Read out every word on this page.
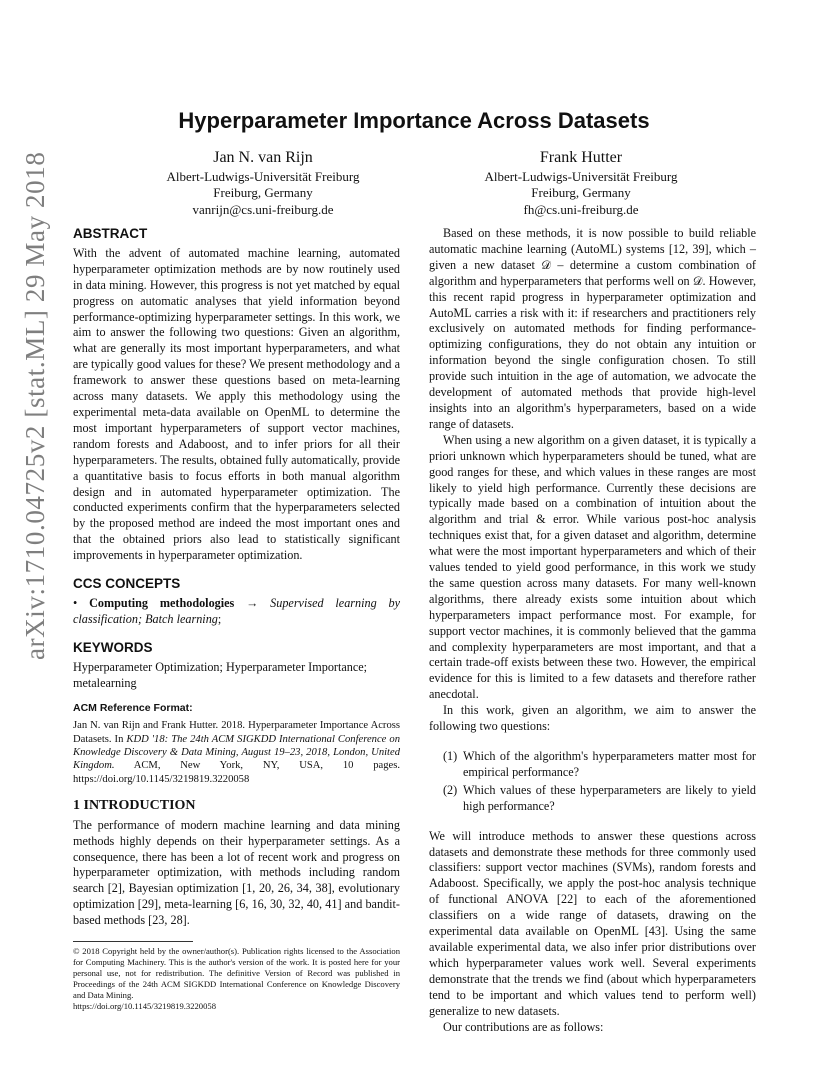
arXiv:1710.04725v2 [stat.ML] 29 May 2018
Hyperparameter Importance Across Datasets
Jan N. van Rijn
Albert-Ludwigs-Universität Freiburg
Freiburg, Germany
vanrijn@cs.uni-freiburg.de
Frank Hutter
Albert-Ludwigs-Universität Freiburg
Freiburg, Germany
fh@cs.uni-freiburg.de
ABSTRACT

With the advent of automated machine learning, automated hyperparameter optimization methods are by now routinely used in data mining. However, this progress is not yet matched by equal progress on automatic analyses that yield information beyond performance-optimizing hyperparameter settings. In this work, we aim to answer the following two questions: Given an algorithm, what are generally its most important hyperparameters, and what are typically good values for these? We present methodology and a framework to answer these questions based on meta-learning across many datasets. We apply this methodology using the experimental meta-data available on OpenML to determine the most important hyperparameters of support vector machines, random forests and Adaboost, and to infer priors for all their hyperparameters. The results, obtained fully automatically, provide a quantitative basis to focus efforts in both manual algorithm design and in automated hyperparameter optimization. The conducted experiments confirm that the hyperparameters selected by the proposed method are indeed the most important ones and that the obtained priors also lead to statistically significant improvements in hyperparameter optimization.

CCS CONCEPTS

• Computing methodologies → Supervised learning by classification; Batch learning;

KEYWORDS

Hyperparameter Optimization; Hyperparameter Importance; metalearning

ACM Reference Format:

Jan N. van Rijn and Frank Hutter. 2018. Hyperparameter Importance Across Datasets. In KDD '18: The 24th ACM SIGKDD International Conference on Knowledge Discovery & Data Mining, August 19–23, 2018, London, United Kingdom. ACM, New York, NY, USA, 10 pages. https://doi.org/10.1145/3219819.3220058

1 INTRODUCTION

The performance of modern machine learning and data mining methods highly depends on their hyperparameter settings. As a consequence, there has been a lot of recent work and progress on hyperparameter optimization, with methods including random search [2], Bayesian optimization [1, 20, 26, 34, 38], evolutionary optimization [29], meta-learning [6, 16, 30, 32, 40, 41] and bandit-based methods [23, 28].

© 2018 Copyright held by the owner/author(s). Publication rights licensed to the Association for Computing Machinery. This is the author's version of the work. It is posted here for your personal use, not for redistribution. The definitive Version of Record was published in Proceedings of the 24th ACM SIGKDD International Conference on Knowledge Discovery and Data Mining.

https://doi.org/10.1145/3219819.3220058

Based on these methods, it is now possible to build reliable automatic machine learning (AutoML) systems [12, 39], which – given a new dataset 𝒟 – determine a custom combination of algorithm and hyperparameters that performs well on 𝒟. However, this recent rapid progress in hyperparameter optimization and AutoML carries a risk with it: if researchers and practitioners rely exclusively on automated methods for finding performance-optimizing configurations, they do not obtain any intuition or information beyond the single configuration chosen. To still provide such intuition in the age of automation, we advocate the development of automated methods that provide high-level insights into an algorithm's hyperparameters, based on a wide range of datasets.

When using a new algorithm on a given dataset, it is typically a priori unknown which hyperparameters should be tuned, what are good ranges for these, and which values in these ranges are most likely to yield high performance. Currently these decisions are typically made based on a combination of intuition about the algorithm and trial & error. While various post-hoc analysis techniques exist that, for a given dataset and algorithm, determine what were the most important hyperparameters and which of their values tended to yield good performance, in this work we study the same question across many datasets. For many well-known algorithms, there already exists some intuition about which hyperparameters impact performance most. For example, for support vector machines, it is commonly believed that the gamma and complexity hyperparameters are most important, and that a certain trade-off exists between these two. However, the empirical evidence for this is limited to a few datasets and therefore rather anecdotal.

In this work, given an algorithm, we aim to answer the following two questions:

(1) Which of the algorithm's hyperparameters matter most for empirical performance?
(2) Which values of these hyperparameters are likely to yield high performance?

We will introduce methods to answer these questions across datasets and demonstrate these methods for three commonly used classifiers: support vector machines (SVMs), random forests and Adaboost. Specifically, we apply the post-hoc analysis technique of functional ANOVA [22] to each of the aforementioned classifiers on a wide range of datasets, drawing on the experimental data available on OpenML [43]. Using the same available experimental data, we also infer prior distributions over which hyperparameter values work well. Several experiments demonstrate that the trends we find (about which hyperparameters tend to be important and which values tend to perform well) generalize to new datasets.

Our contributions are as follows:
